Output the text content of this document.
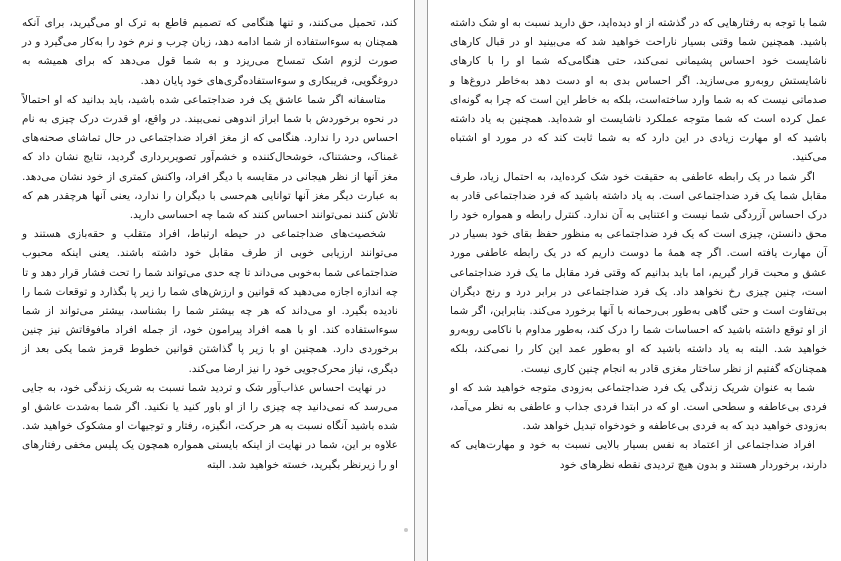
کند، تحمیل می‌کنند، و تنها هنگامی که تصمیم قاطع به ترک او می‌گیرید، برای آنکه همچنان به سوءاستفاده از شما ادامه دهد، زبان چرب و نرم خود را به‌کار می‌گیرد و در صورت لزوم اشک تمساح می‌ریزد و به شما قول می‌دهد که برای همیشه به دروغگویی، فریبکاری و سوءاستفاده‌گری‌های خود پایان دهد.

متاسفانه اگر شما عاشق یک فرد ضداجتماعی شده باشید، باید بدانید که او احتمالاً در نحوه برخوردش با شما ابراز اندوهی نمی‌بیند. در واقع، او قدرت درک چیزی به نام احساس درد را ندارد. هنگامی که از مغز افراد ضداجتماعی در حال تماشای صحنه‌های غمناک، وحشتناک، خوشحال‌کننده و خشم‌آور تصویربرداری گردید، نتایج نشان داد که مغز آنها از نظر هیجانی در مقایسه با دیگر افراد، واکنش کمتری از خود نشان می‌دهد. به عبارت دیگر مغز آنها توانایی هم‌حسی با دیگران را ندارد، یعنی آنها هرچقدر هم که تلاش کنند نمی‌توانند احساس کنند که شما چه احساسی دارید.

شخصیت‌های ضداجتماعی در حیطه ارتباط، افراد متقلب و حقه‌بازی هستند و می‌توانند ارزیابی خوبی از طرف مقابل خود داشته باشند. یعنی اینکه محبوب ضداجتماعی شما به‌خوبی می‌داند تا چه حدی می‌تواند شما را تحت فشار قرار دهد و تا چه اندازه اجازه می‌دهید که قوانین و ارزش‌های شما را زیر پا بگذارد و توقعات شما را نادیده بگیرد. او می‌داند که هر چه بیشتر شما را بشناسد، بیشتر می‌تواند از شما سوءاستفاده کند. او با همه افراد پیرامون خود، از جمله افراد مافوقاتش نیز چنین برخوردی دارد. همچنین او با زیر پا گذاشتن قوانین خطوط قرمز شما یکی بعد از دیگری، نیاز محرک‌جویی خود را نیز ارضا می‌کند.

در نهایت احساس عذاب‌آور شک و تردید شما نسبت به شریک زندگی خود، به جایی می‌رسد که نمی‌دانید چه چیزی را از او باور کنید یا نکنید. اگر شما به‌شدت عاشق او شده باشید آنگاه نسبت به هر حرکت، انگیزه، رفتار و توجیهات او مشکوک خواهید شد. علاوه بر این، شما در نهایت از اینکه بایستی همواره همچون یک پلیس مخفی رفتارهای او را زیرنظر بگیرید، خسته خواهید شد. البته

شما با توجه به رفتارهایی که در گذشته از او دیده‌اید، حق دارید نسبت به او شک داشته باشید. همچنین شما وقتی بسیار ناراحت خواهید شد که می‌بینید او در قبال کارهای ناشایست خود احساس پشیمانی نمی‌کند، حتی هنگامی‌که شما او را با کارهای ناشایستش روبه‌رو می‌سازید. اگر احساس بدی به او دست دهد به‌خاطر دروغ‌ها و صدماتی نیست که به شما وارد ساخته‌است، بلکه به خاطر این است که چرا به گونه‌ای عمل کرده است که شما متوجه عملکرد ناشایست او شده‌اید. همچنین به یاد داشته باشید که او مهارت زیادی در این دارد که به شما ثابت کند که در مورد او اشتباه می‌کنید.

اگر شما در یک رابطه عاطفی به حقیقت خود شک کرده‌اید، به احتمال زیاد، طرف مقابل شما یک فرد ضداجتماعی است. به یاد داشته باشید که فرد ضداجتماعی قادر به درک احساس آزردگی شما نیست و اعتنایی به آن ندارد. کنترل رابطه و همواره خود را محق دانستن، چیزی است که یک فرد ضداجتماعی به منظور حفظ بقای خود بسیار در آن مهارت یافته است. اگر چه همهٔ ما دوست داریم که در یک رابطه عاطفی مورد عشق و محبت قرار گیریم، اما باید بدانیم که وقتی فرد مقابل ما یک فرد ضداجتماعی است، چنین چیزی رخ نخواهد داد. یک فرد ضداجتماعی در برابر درد و رنج دیگران بی‌تفاوت است و حتی گاهی به‌طور بی‌رحمانه با آنها برخورد می‌کند. بنابراین، اگر شما از او توقع داشته باشید که احساسات شما را درک کند، به‌طور مداوم با ناکامی روبه‌رو خواهید شد. البته به یاد داشته باشید که او به‌طور عمد این کار را نمی‌کند، بلکه همچنان‌که گفتیم از نظر ساختار مغزی قادر به انجام چنین کاری نیست.

شما به عنوان شریک زندگی یک فرد ضداجتماعی به‌زودی متوجه خواهید شد که او فردی بی‌عاطفه و سطحی است. او که در ابتدا فردی جذاب و عاطفی به نظر می‌آمد، به‌زودی خواهید دید که به فردی بی‌عاطفه و خودخواه تبدیل خواهد شد.

افراد ضداجتماعی از اعتماد به نفس بسیار بالایی نسبت به خود و مهارت‌هایی که دارند، برخوردار هستند و بدون هیچ تردیدی نقطه نظرهای خود
